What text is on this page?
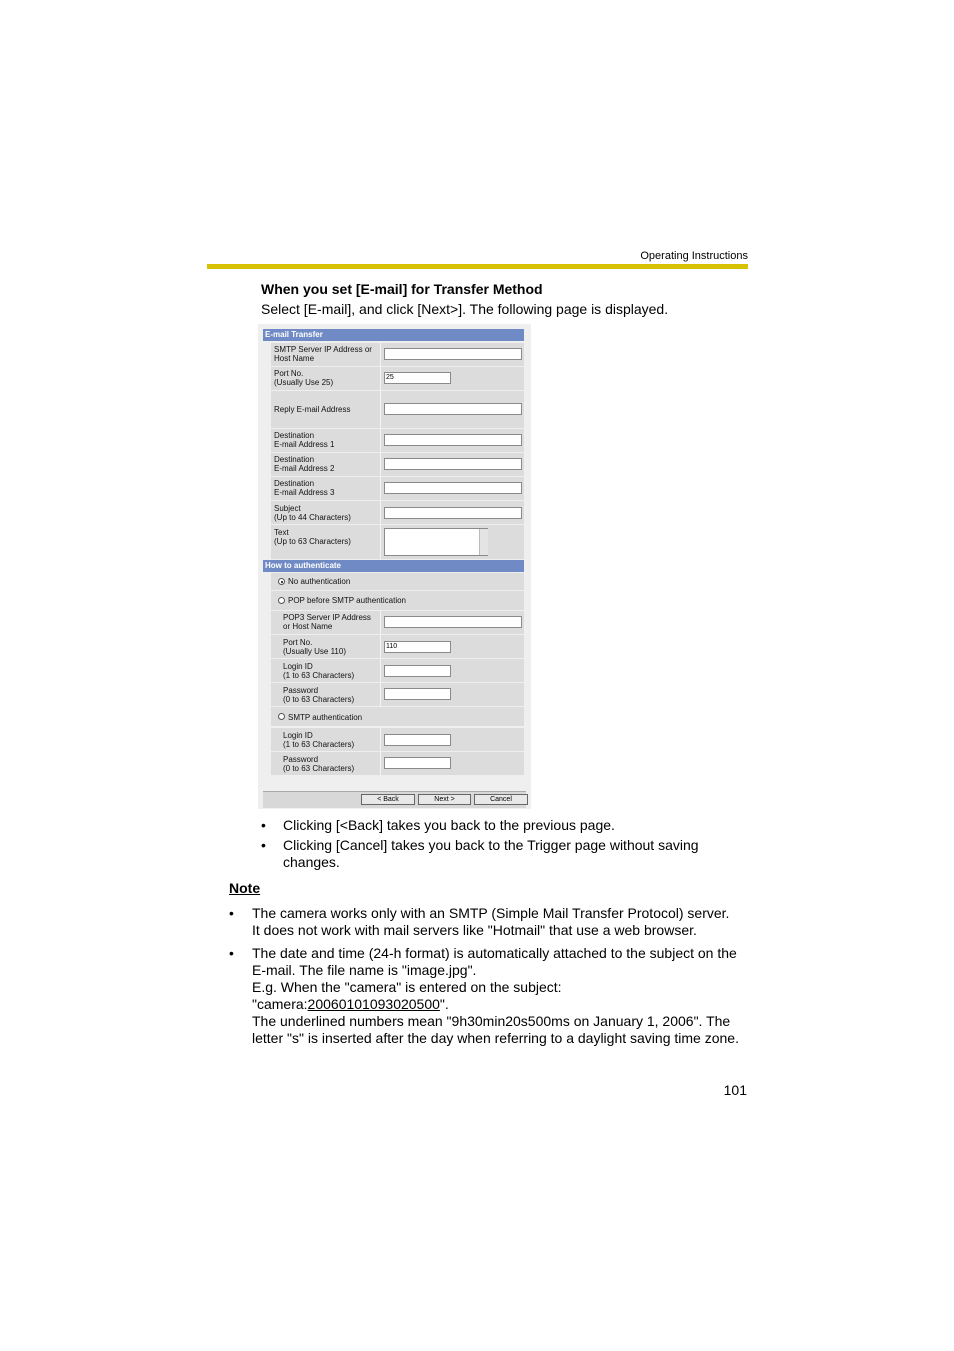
Operating Instructions
When you set [E-mail] for Transfer Method
Select [E-mail], and click [Next>]. The following page is displayed.
E-mail Transfer
SMTP Server IP Address or
Host Name
Port No.
(Usually Use 25)
25
Reply E-mail Address
Destination
E-mail Address 1
Destination
E-mail Address 2
Destination
E-mail Address 3
Subject
(Up to 44 Characters)
Text
(Up to 63 Characters)
How to authenticate
No authentication
POP before SMTP authentication
POP3 Server IP Address
or Host Name
Port No.
(Usually Use 110)
110
Login ID
(1 to 63 Characters)
Password
(0 to 63 Characters)
SMTP authentication
Login ID
(1 to 63 Characters)
Password
(0 to 63 Characters)
< Back	Next >	Cancel
• Clicking [<Back] takes you back to the previous page.
• Clicking [Cancel] takes you back to the Trigger page without saving
changes.
Note
• The camera works only with an SMTP (Simple Mail Transfer Protocol) server.
It does not work with mail servers like "Hotmail" that use a web browser.
• The date and time (24-h format) is automatically attached to the subject on the
E-mail. The file name is "image.jpg".
E.g. When the "camera" is entered on the subject:
"camera:20060101093020500".
The underlined numbers mean "9h30min20s500ms on January 1, 2006". The
letter "s" is inserted after the day when referring to a daylight saving time zone.
101
